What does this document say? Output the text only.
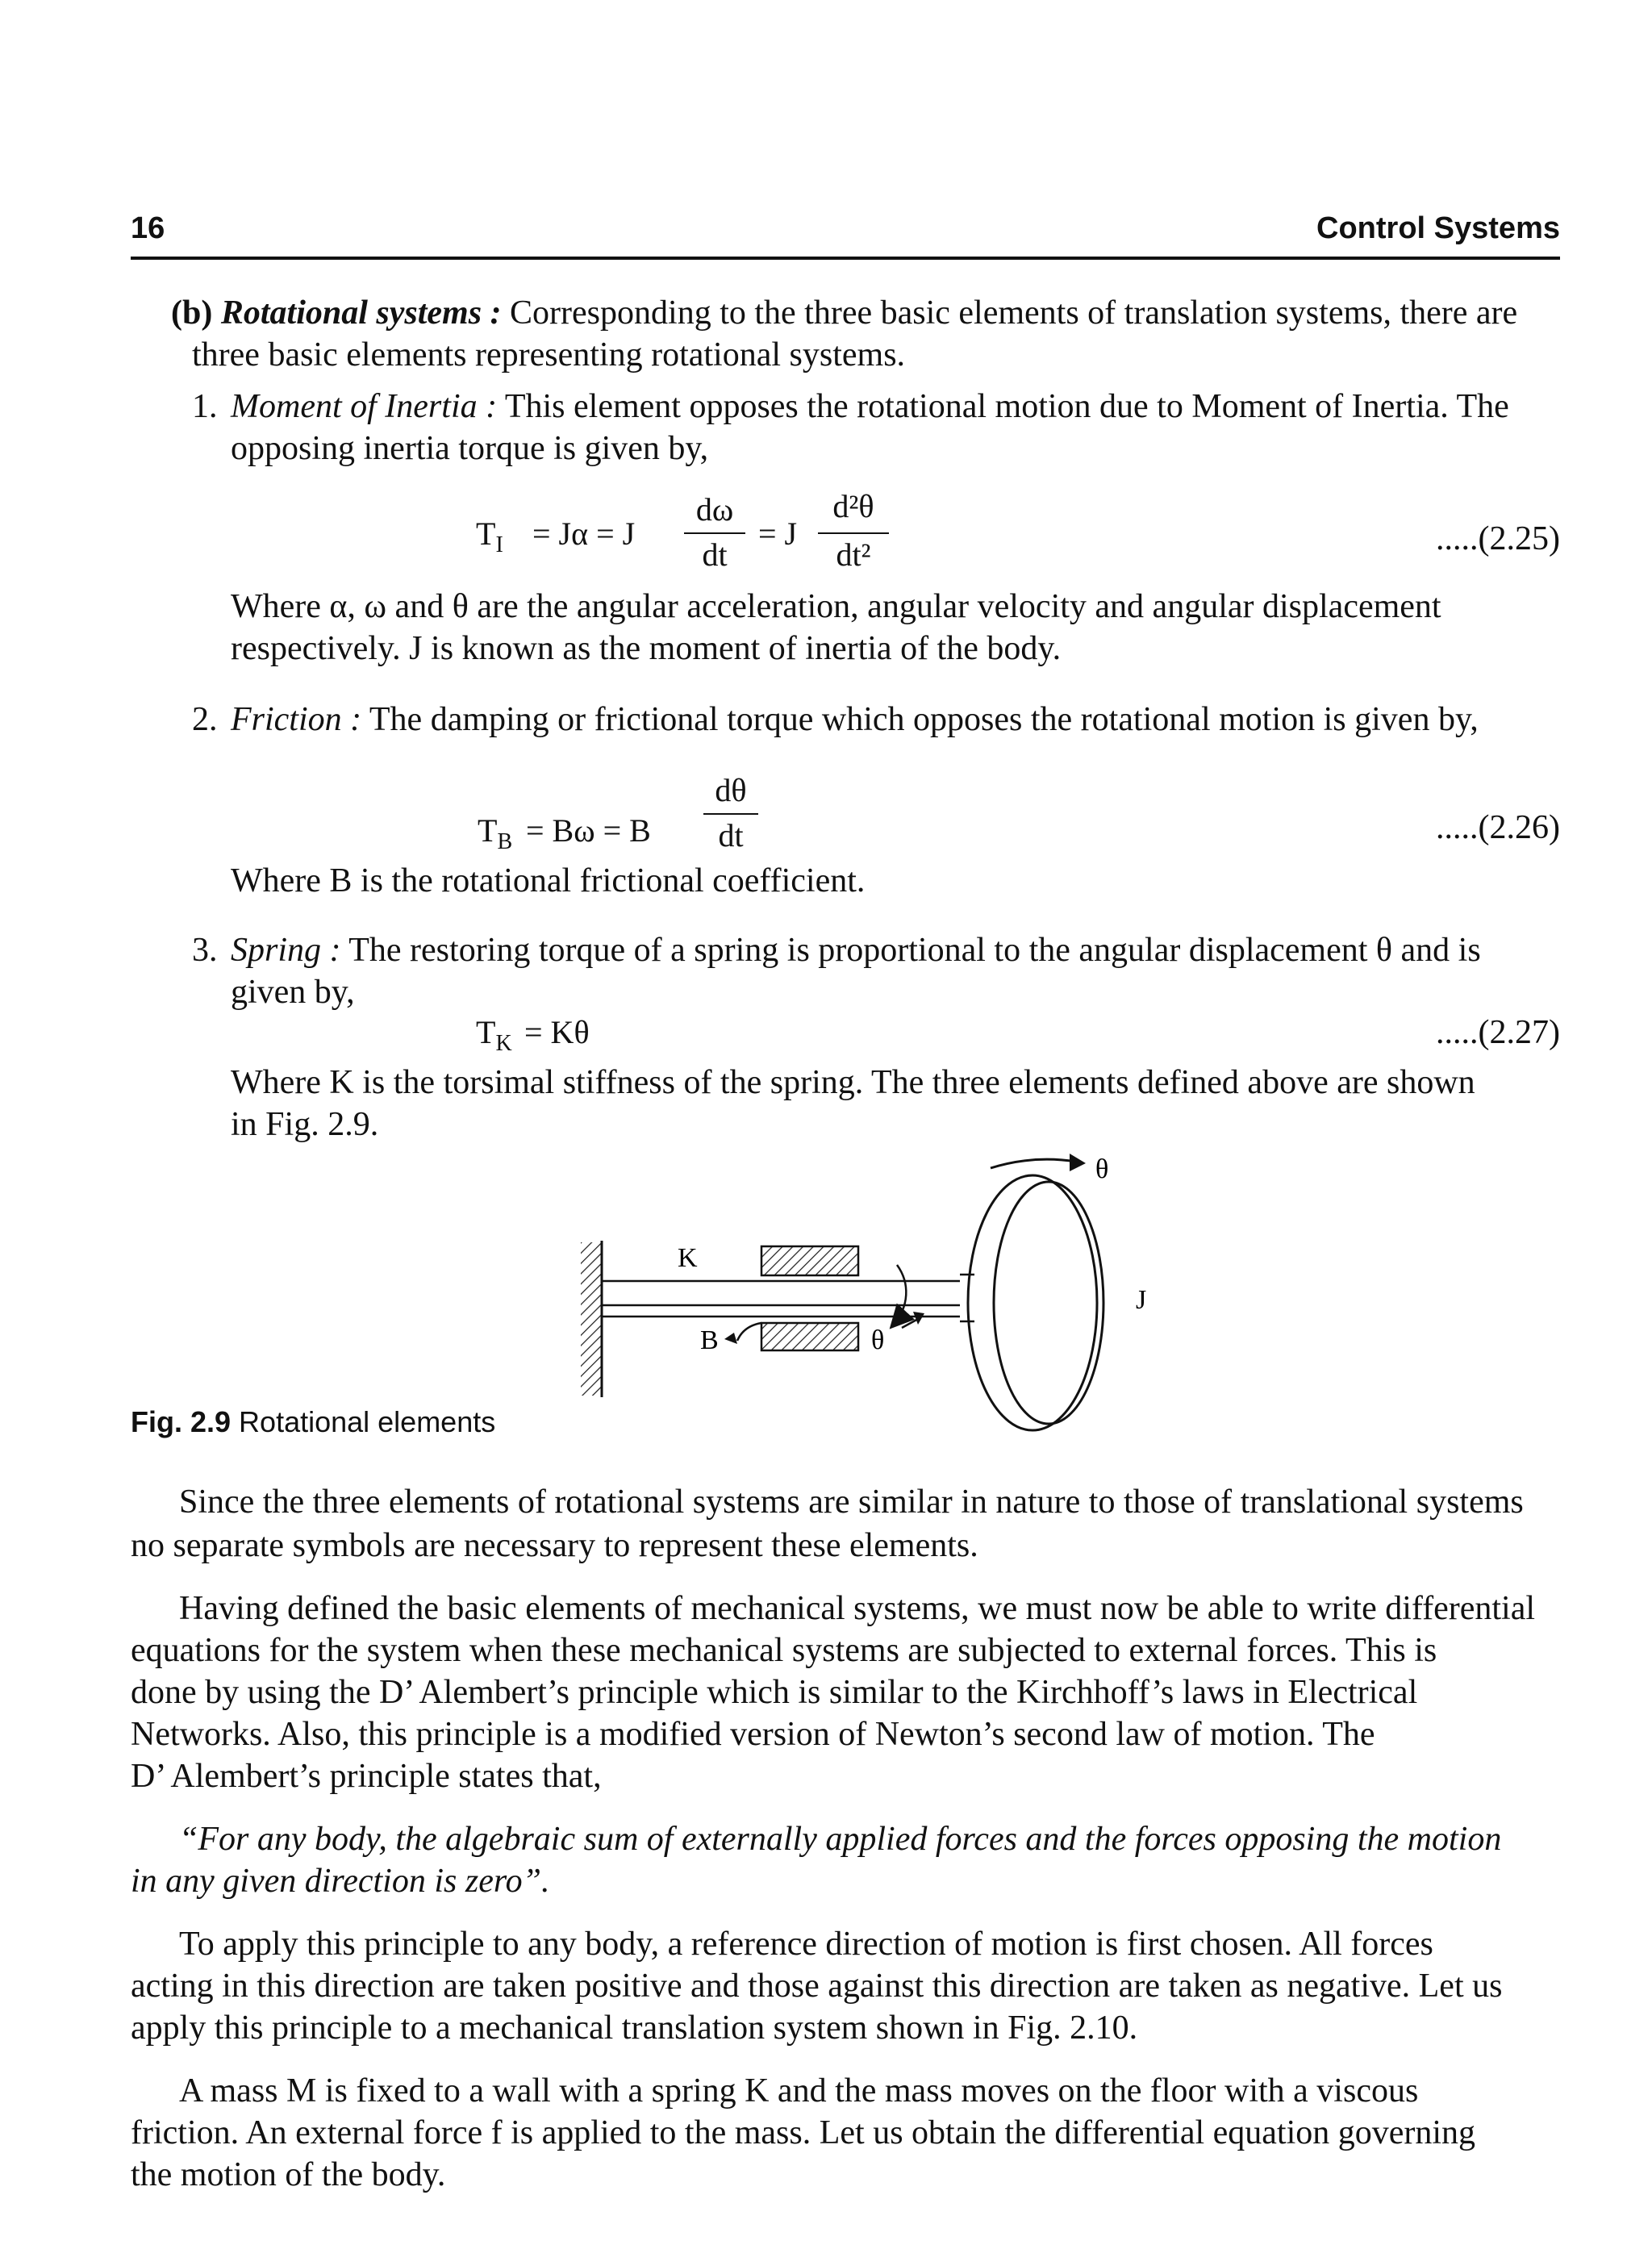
16	Control Systems
(b) Rotational systems : Corresponding to the three basic elements of translation systems, there are
three basic elements representing rotational systems.
1. Moment of Inertia : This element opposes the rotational motion due to Moment of Inertia. The
opposing inertia torque is given by,
$T_I = J\alpha = J$
dω
dt
= J
d²θ
dt²	.....(2.25)
Where α, ω and θ are the angular acceleration, angular velocity and angular displacement
respectively. J is known as the moment of inertia of the body.
2. Friction : The damping or frictional torque which opposes the rotational motion is given by,
$T_B = B\omega = B$
dθ
dt	.....(2.26)
Where B is the rotational frictional coefficient.
3. Spring : The restoring torque of a spring is proportional to the angular displacement θ and is
given by,
$T_K = K\theta$	.....(2.27)
Where K is the torsimal stiffness of the spring. The three elements defined above are shown
in Fig. 2.9.
θ
K
B	θ
J
Fig. 2.9 Rotational elements
Since the three elements of rotational systems are similar in nature to those of translational systems
no separate symbols are necessary to represent these elements.
Having defined the basic elements of mechanical systems, we must now be able to write differential
equations for the system when these mechanical systems are subjected to external forces. This is
done by using the D’ Alembert’s principle which is similar to the Kirchhoff’s laws in Electrical
Networks. Also, this principle is a modified version of Newton’s second law of motion. The
D’ Alembert’s principle states that,
“For any body, the algebraic sum of externally applied forces and the forces opposing the motion
in any given direction is zero”.
To apply this principle to any body, a reference direction of motion is first chosen. All forces
acting in this direction are taken positive and those against this direction are taken as negative. Let us
apply this principle to a mechanical translation system shown in Fig. 2.10.
A mass M is fixed to a wall with a spring K and the mass moves on the floor with a viscous
friction. An external force f is applied to the mass. Let us obtain the differential equation governing
the motion of the body.
